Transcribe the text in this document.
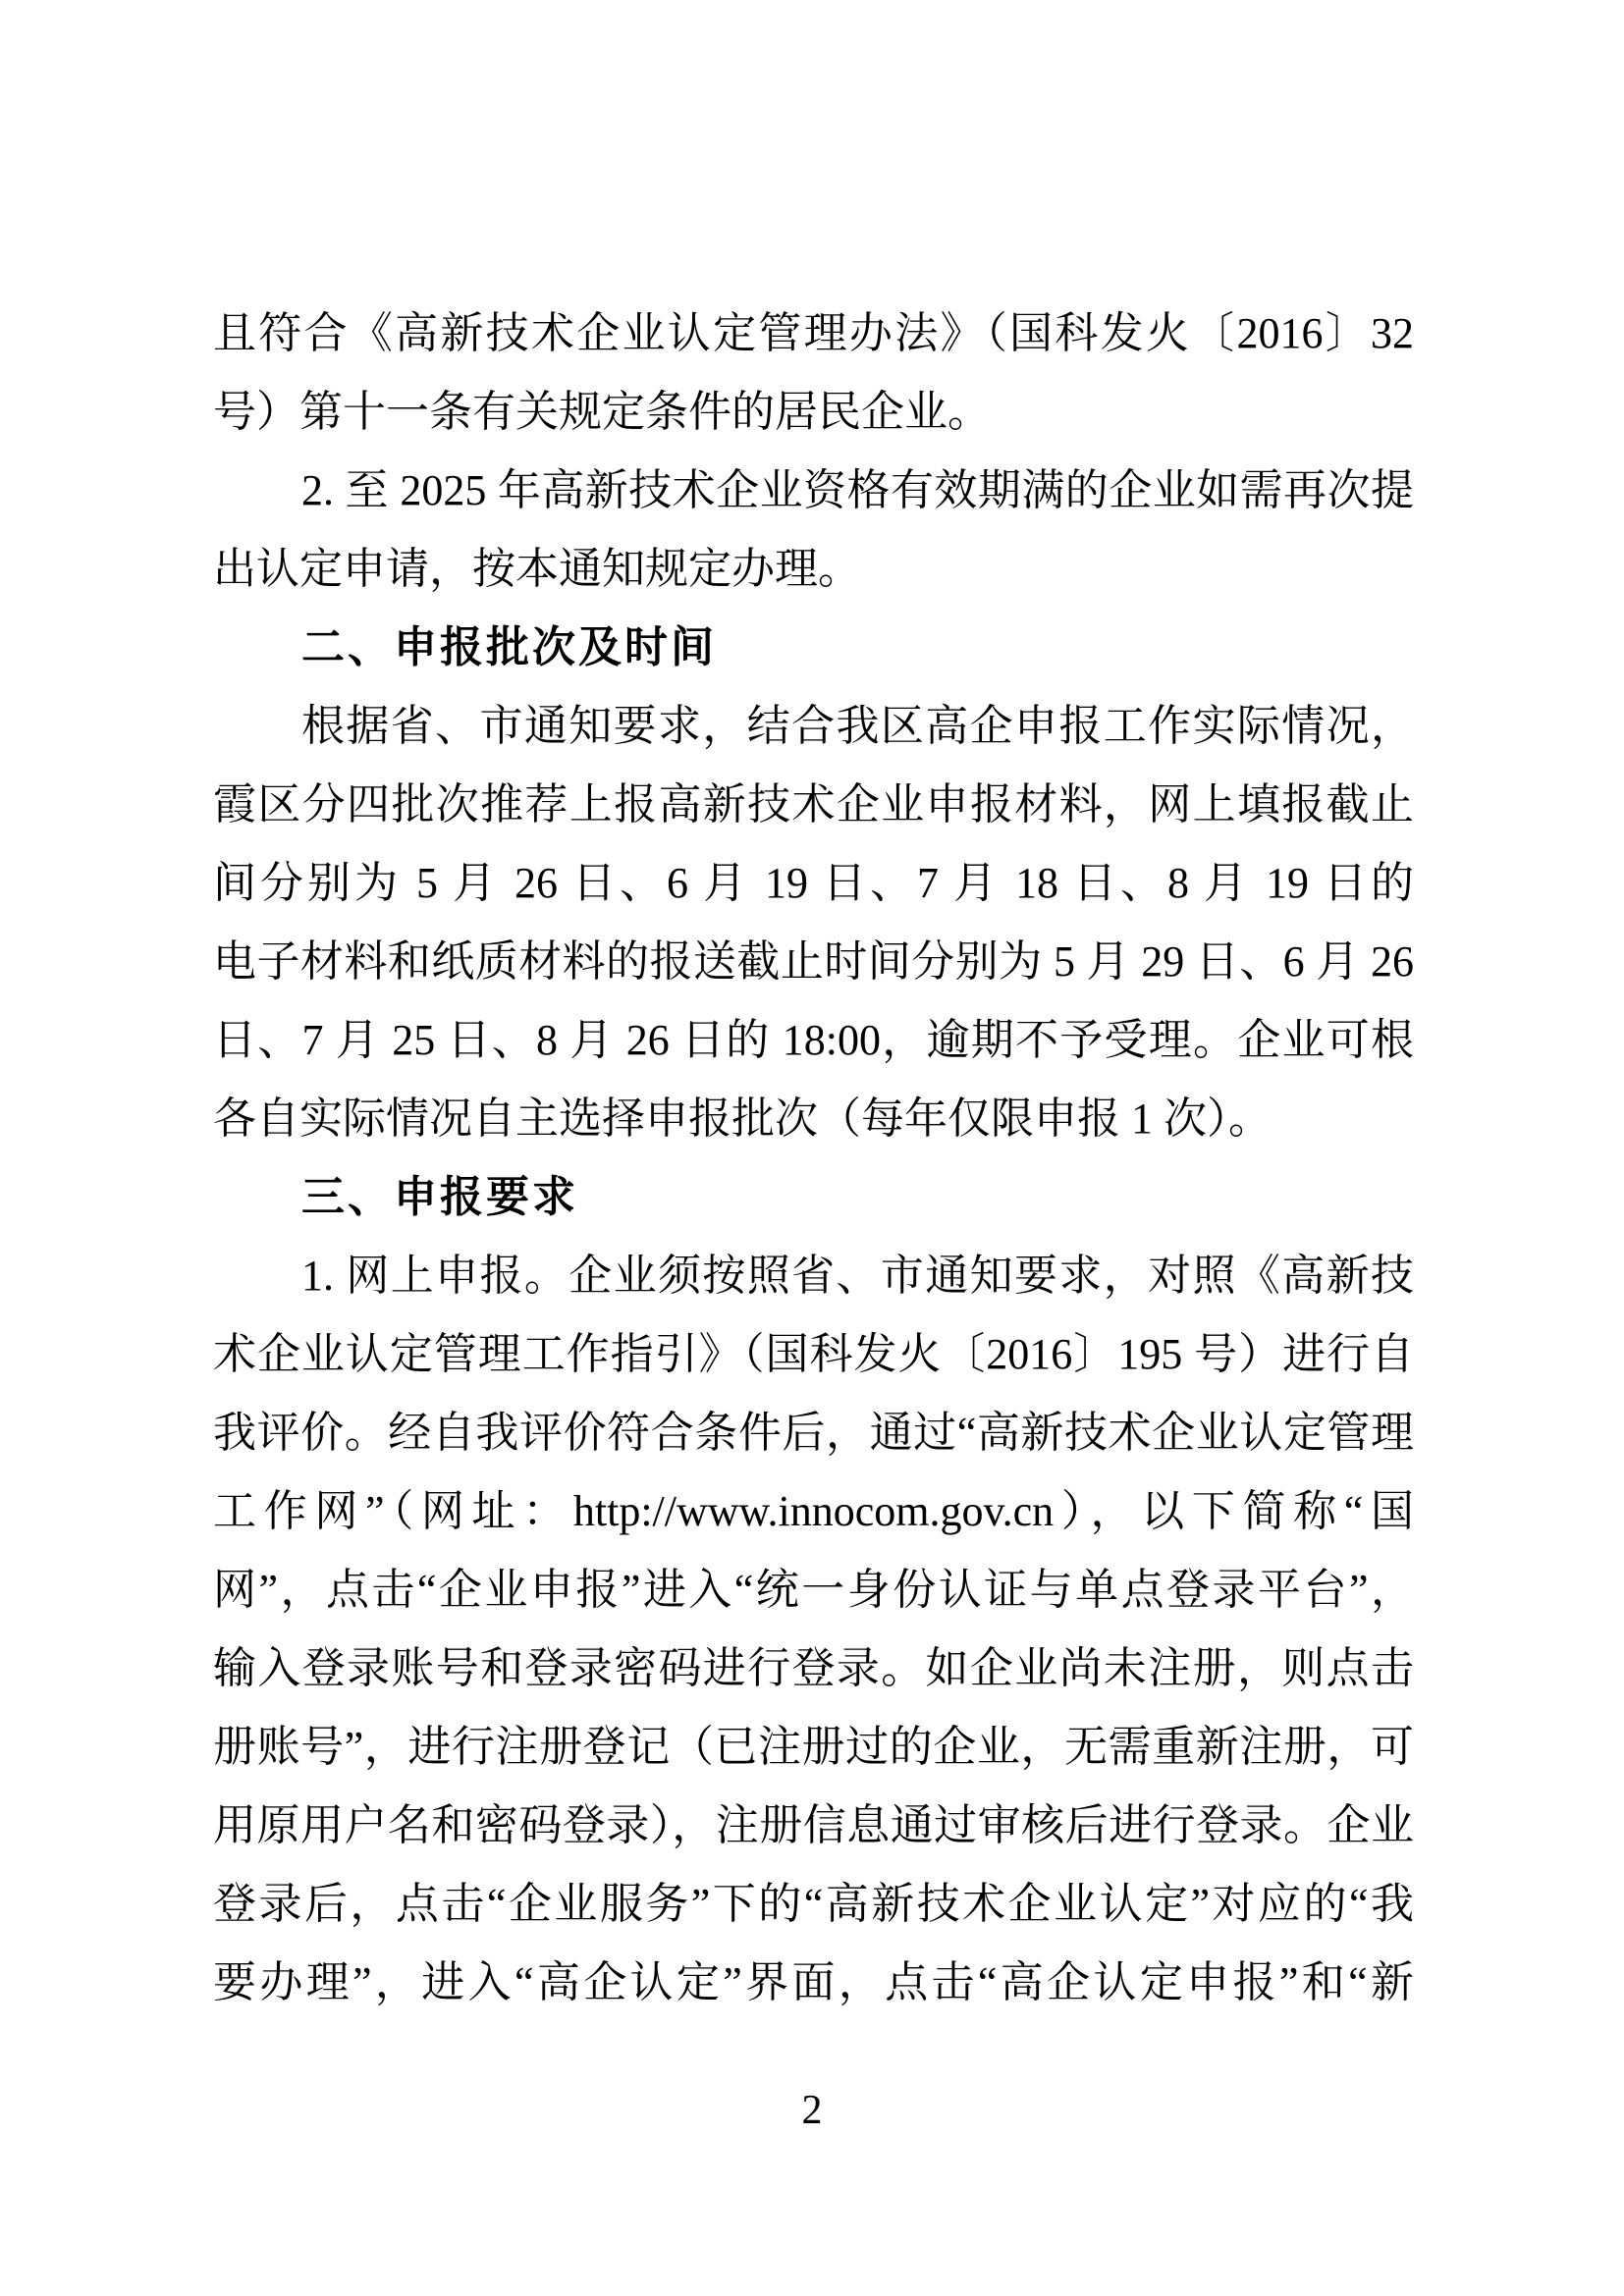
且符合《高新技术企业认定管理办法》（国科发火〔2016〕32
号）第十一条有关规定条件的居民企业。
2. 至 2025 年高新技术企业资格有效期满的企业如需再次提
出认定申请，按本通知规定办理。
二、申报批次及时间
根据省、市通知要求，结合我区高企申报工作实际情况，
霞区分四批次推荐上报高新技术企业申报材料，网上填报截止
间分别为 5 月 26 日、6 月 19 日、7 月 18 日、8 月 19 日的
电子材料和纸质材料的报送截止时间分别为 5 月 29 日、6 月 26
日、7 月 25 日、8 月 26 日的 18:00，逾期不予受理。企业可根
各自实际情况自主选择申报批次（每年仅限申报 1 次）。
三、申报要求
1. 网上申报。企业须按照省、市通知要求，对照《高新技
术企业认定管理工作指引》（国科发火〔2016〕195 号）进行自
我评价。经自我评价符合条件后，通过“高新技术企业认定管理
工作网”（网址：http://www.innocom.gov.cn），以下简称“国
网”，点击“企业申报”进入“统一身份认证与单点登录平台”，
输入登录账号和登录密码进行登录。如企业尚未注册，则点击
册账号”，进行注册登记（已注册过的企业，无需重新注册，可
用原用户名和密码登录），注册信息通过审核后进行登录。企业
登录后，点击“企业服务”下的“高新技术企业认定”对应的“我
要办理”，进入“高企认定”界面，点击“高企认定申报”和“新
2
